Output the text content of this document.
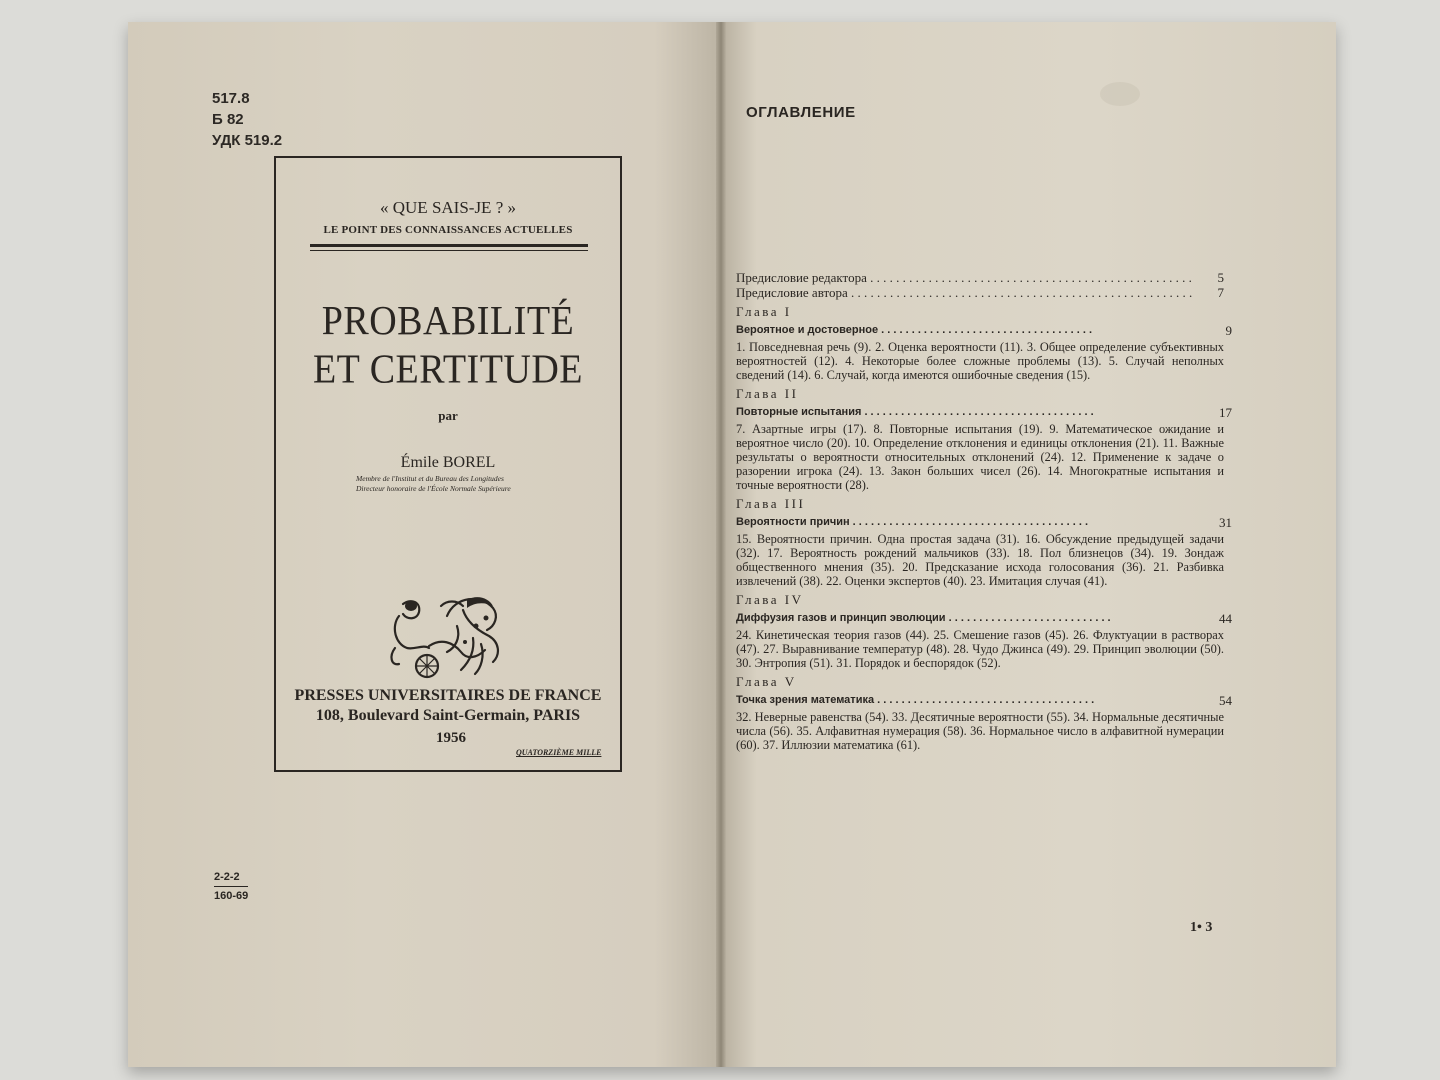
517.8
Б 82
УДК 519.2
« QUE SAIS-JE ? »
LE POINT DES CONNAISSANCES ACTUELLES
PROBABILITÉ
ET CERTITUDE
par
Émile BOREL
Membre de l'Institut et du Bureau des Longitudes
Directeur honoraire de l'École Normale Supérieure
PRESSES UNIVERSITAIRES DE FRANCE
108, Boulevard Saint-Germain, PARIS
1956
QUATORZIÈME MILLE
2-2-2
160-69
ОГЛАВЛЕНИЕ
Предисловие редактора . . . . . . . . . . . . . . . . . . . . . . . . . . . . . . . . . . . . . . . . . . . . . . . . . .	5
Предисловие автора . . . . . . . . . . . . . . . . . . . . . . . . . . . . . . . . . . . . . . . . . . . . . . . . . . . . .	7
Глава I
Вероятное и достоверное . . . . . . . . . . . . . . . . . . . . . . . . . . . . . . . . . . .	9
1. Повседневная речь (9). 2. Оценка вероятности (11). 3. Общее определение субъективных вероятностей (12). 4. Некоторые более сложные проблемы (13). 5. Случай неполных сведений (14). 6. Случай, когда имеются ошибочные сведения (15).
Глава II
Повторные испытания . . . . . . . . . . . . . . . . . . . . . . . . . . . . . . . . . . . . . .	17
7. Азартные игры (17). 8. Повторные испытания (19). 9. Математическое ожидание и вероятное число (20). 10. Определение отклонения и единицы отклонения (21). 11. Важные результаты о вероятности относительных отклонений (24). 12. Применение к задаче о разорении игрока (24). 13. Закон больших чисел (26). 14. Многократные испытания и точные вероятности (28).
Глава III
Вероятности причин . . . . . . . . . . . . . . . . . . . . . . . . . . . . . . . . . . . . . . .	31
15. Вероятности причин. Одна простая задача (31). 16. Обсуждение предыдущей задачи (32). 17. Вероятность рождений мальчиков (33). 18. Пол близнецов (34). 19. Зондаж общественного мнения (35). 20. Предсказание исхода голосования (36). 21. Разбивка извлечений (38). 22. Оценки экспертов (40). 23. Имитация случая (41).
Глава IV
Диффузия газов и принцип эволюции . . . . . . . . . . . . . . . . . . . . . . . . . . .	44
24. Кинетическая теория газов (44). 25. Смешение газов (45). 26. Флуктуации в растворах (47). 27. Выравнивание температур (48). 28. Чудо Джинса (49). 29. Принцип эволюции (50). 30. Энтропия (51). 31. Порядок и беспорядок (52).
Глава V
Точка зрения математика . . . . . . . . . . . . . . . . . . . . . . . . . . . . . . . . . . . .	54
32. Неверные равенства (54). 33. Десятичные вероятности (55). 34. Нормальные десятичные числа (56). 35. Алфавитная нумерация (58). 36. Нормальное число в алфавитной нумерации (60). 37. Иллюзии математика (61).
1• 3
